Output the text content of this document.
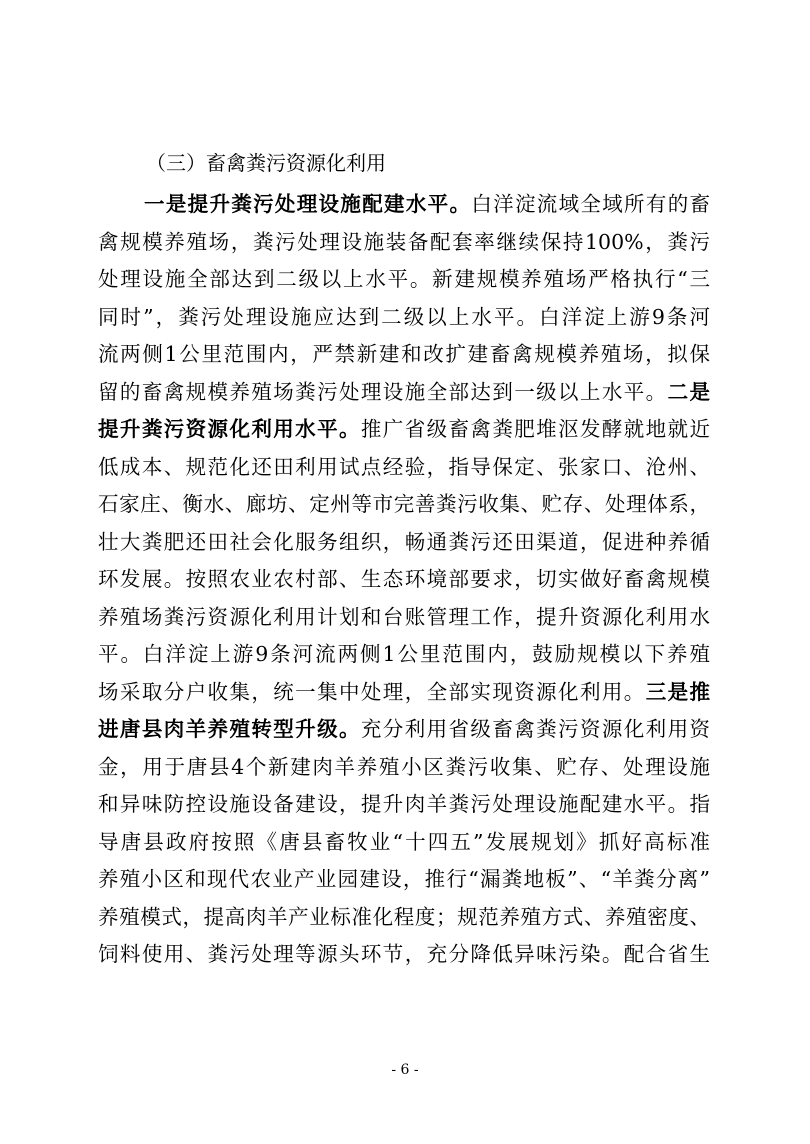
（三）畜禽粪污资源化利用
一是提升粪污处理设施配建水平。白洋淀流域全域所有的畜
禽规模养殖场，粪污处理设施装备配套率继续保持100%，粪污
处理设施全部达到二级以上水平。新建规模养殖场严格执行“三
同时”，粪污处理设施应达到二级以上水平。白洋淀上游9条河
流两侧1公里范围内，严禁新建和改扩建畜禽规模养殖场，拟保
留的畜禽规模养殖场粪污处理设施全部达到一级以上水平。二是
提升粪污资源化利用水平。推广省级畜禽粪肥堆沤发酵就地就近
低成本、规范化还田利用试点经验，指导保定、张家口、沧州、
石家庄、衡水、廊坊、定州等市完善粪污收集、贮存、处理体系，
壮大粪肥还田社会化服务组织，畅通粪污还田渠道，促进种养循
环发展。按照农业农村部、生态环境部要求，切实做好畜禽规模
养殖场粪污资源化利用计划和台账管理工作，提升资源化利用水
平。白洋淀上游9条河流两侧1公里范围内，鼓励规模以下养殖
场采取分户收集，统一集中处理，全部实现资源化利用。三是推
进唐县肉羊养殖转型升级。充分利用省级畜禽粪污资源化利用资
金，用于唐县4个新建肉羊养殖小区粪污收集、贮存、处理设施
和异味防控设施设备建设，提升肉羊粪污处理设施配建水平。指
导唐县政府按照《唐县畜牧业“十四五”发展规划》抓好高标准
养殖小区和现代农业产业园建设，推行“漏粪地板”、“羊粪分离”
养殖模式，提高肉羊产业标准化程度；规范养殖方式、养殖密度、
饲料使用、粪污处理等源头环节，充分降低异味污染。配合省生
- 6 -
